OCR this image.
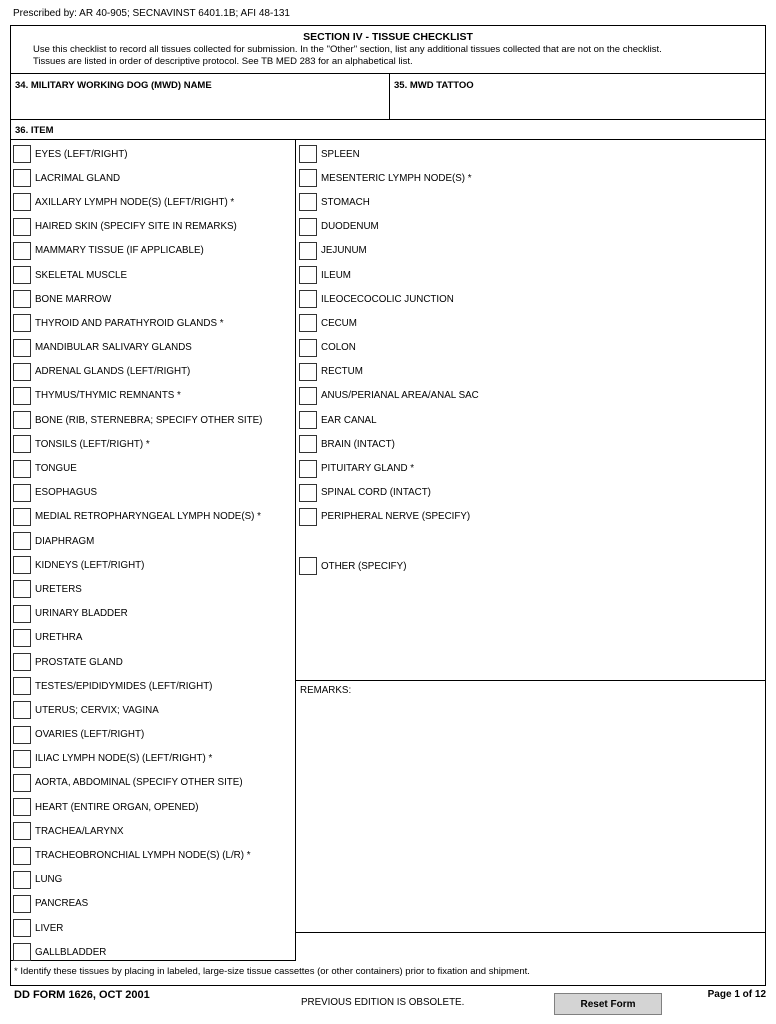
Prescribed by: AR 40-905; SECNAVINST 6401.1B; AFI 48-131
SECTION IV - TISSUE CHECKLIST
Use this checklist to record all tissues collected for submission. In the "Other" section, list any additional tissues collected that are not on the checklist.
Tissues are listed in order of descriptive protocol. See TB MED 283 for an alphabetical list.
34. MILITARY WORKING DOG (MWD) NAME	35. MWD TATTOO
36. ITEM
EYES (LEFT/RIGHT)
LACRIMAL GLAND
AXILLARY LYMPH NODE(S) (LEFT/RIGHT) *
HAIRED SKIN (SPECIFY SITE IN REMARKS)
MAMMARY TISSUE (IF APPLICABLE)
SKELETAL MUSCLE
BONE MARROW
THYROID AND PARATHYROID GLANDS *
MANDIBULAR SALIVARY GLANDS
ADRENAL GLANDS (LEFT/RIGHT)
THYMUS/THYMIC REMNANTS *
BONE (RIB, STERNEBRA; SPECIFY OTHER SITE)
TONSILS (LEFT/RIGHT) *
TONGUE
ESOPHAGUS
MEDIAL RETROPHARYNGEAL LYMPH NODE(S) *
DIAPHRAGM
KIDNEYS (LEFT/RIGHT)
URETERS
URINARY BLADDER
URETHRA
PROSTATE GLAND
TESTES/EPIDIDYMIDES (LEFT/RIGHT)
UTERUS; CERVIX; VAGINA
OVARIES (LEFT/RIGHT)
ILIAC LYMPH NODE(S) (LEFT/RIGHT) *
AORTA, ABDOMINAL (SPECIFY OTHER SITE)
HEART (ENTIRE ORGAN, OPENED)
TRACHEA/LARYNX
TRACHEOBRONCHIAL LYMPH NODE(S) (L/R) *
LUNG
PANCREAS
LIVER
GALLBLADDER
SPLEEN
MESENTERIC LYMPH NODE(S) *
STOMACH
DUODENUM
JEJUNUM
ILEUM
ILEOCECOCOLIC JUNCTION
CECUM
COLON
RECTUM
ANUS/PERIANAL AREA/ANAL SAC
EAR CANAL
BRAIN (INTACT)
PITUITARY GLAND *
SPINAL CORD (INTACT)
PERIPHERAL NERVE (SPECIFY)
OTHER (SPECIFY)
REMARKS:
* Identify these tissues by placing in labeled, large-size tissue cassettes (or other containers) prior to fixation and shipment.
DD FORM 1626, OCT 2001
PREVIOUS EDITION IS OBSOLETE.	Reset Form
Page 1 of 12
